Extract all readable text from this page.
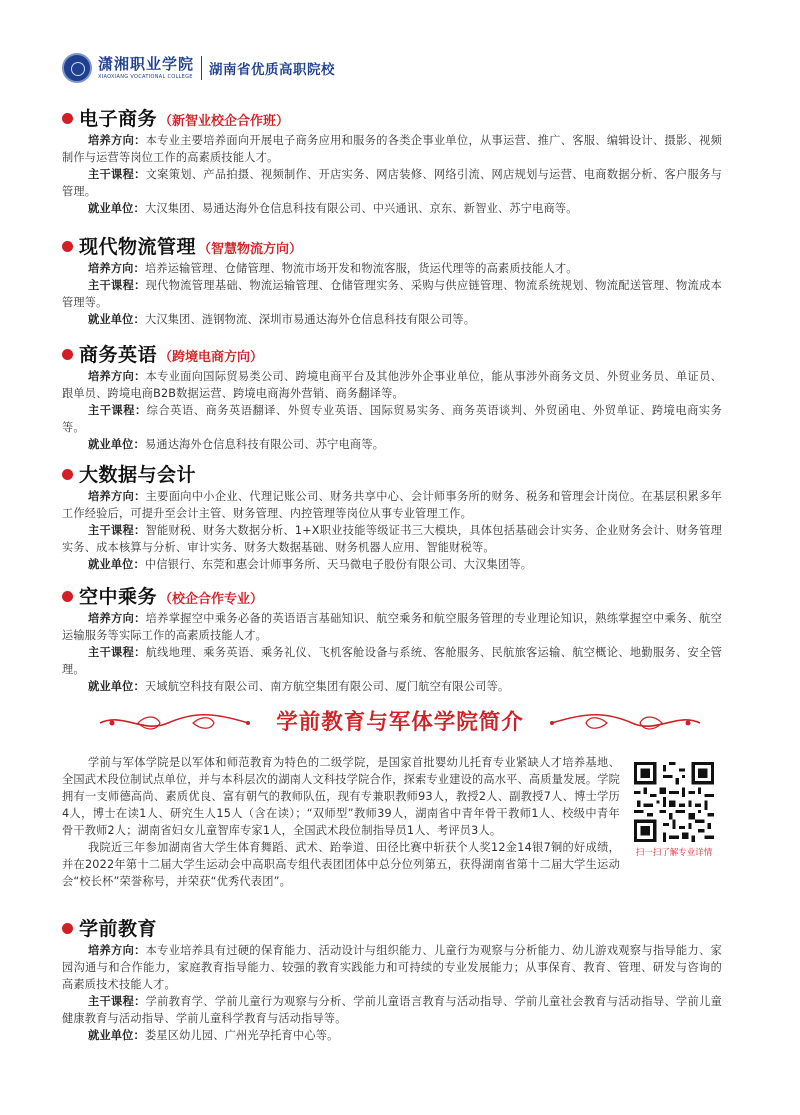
潇湘职业学院
XIAOXIANG VOCATIONAL COLLEGE 湖南省优质高职院校
电子商务 （新智业校企合作班）

培养方向：本专业主要培养面向开展电子商务应用和服务的各类企事业单位，从事运营、推广、客服、编辑设计、摄影、视频制作与运营等岗位工作的高素质技能人才。

主干课程：文案策划、产品拍摄、视频制作、开店实务、网店装修、网络引流、网店规划与运营、电商数据分析、客户服务与管理。

就业单位：大汉集团、易通达海外仓信息科技有限公司、中兴通讯、京东、新智业、苏宁电商等。

现代物流管理 （智慧物流方向）

培养方向：培养运输管理、仓储管理、物流市场开发和物流客服，货运代理等的高素质技能人才。

主干课程：现代物流管理基础、物流运输管理、仓储管理实务、采购与供应链管理、物流系统规划、物流配送管理、物流成本管理等。

就业单位：大汉集团、涟钢物流、深圳市易通达海外仓信息科技有限公司等。

商务英语 （跨境电商方向）

培养方向：本专业面向国际贸易类公司、跨境电商平台及其他涉外企事业单位，能从事涉外商务文员、外贸业务员、单证员、跟单员、跨境电商B2B数据运营、跨境电商海外营销、商务翻译等。

主干课程：综合英语、商务英语翻译、外贸专业英语、国际贸易实务、商务英语谈判、外贸函电、外贸单证、跨境电商实务等。

就业单位：易通达海外仓信息科技有限公司、苏宁电商等。

大数据与会计

培养方向：主要面向中小企业、代理记账公司、财务共享中心、会计师事务所的财务、税务和管理会计岗位。在基层积累多年工作经验后，可提升至会计主管、财务管理、内控管理等岗位从事专业管理工作。

主干课程：智能财税、财务大数据分析、1+X职业技能等级证书三大模块，具体包括基础会计实务、企业财务会计、财务管理实务、成本核算与分析、审计实务、财务大数据基础、财务机器人应用、智能财税等。

就业单位：中信银行、东莞和惠会计师事务所、天马微电子股份有限公司、大汉集团等。

空中乘务 （校企合作专业）

培养方向：培养掌握空中乘务必备的英语语言基础知识、航空乘务和航空服务管理的专业理论知识，熟练掌握空中乘务、航空运输服务等实际工作的高素质技能人才。

主干课程：航线地理、乘务英语、乘务礼仪、飞机客舱设备与系统、客舱服务、民航旅客运输、航空概论、地勤服务、安全管理。

就业单位：天域航空科技有限公司、南方航空集团有限公司、厦门航空有限公司等。

学前教育与军体学院简介

学前与军体学院是以军体和师范教育为特色的二级学院，是国家首批婴幼儿托育专业紧缺人才培养基地、全国武术段位制试点单位，并与本科层次的湖南人文科技学院合作，探索专业建设的高水平、高质量发展。学院拥有一支师德高尚、素质优良、富有朝气的教师队伍，现有专兼职教师93人，教授2人、副教授7人、博士学历4人，博士在读1人、研究生人15人（含在读）；“双师型”教师39人，湖南省中青年骨干教师1人、校级中青年骨干教师2人；湖南省妇女儿童智库专家1人，全国武术段位制指导员1人、考评员3人。

我院近三年参加湖南省大学生体育舞蹈、武术、跆拳道、田径比赛中斩获个人奖12金14银7铜的好成绩，并在2022年第十二届大学生运动会中高职高专组代表团团体中总分位列第五，获得湖南省第十二届大学生运动会“校长杯”荣誉称号，并荣获“优秀代表团”。

扫一扫了解专业详情
学前教育

培养方向：本专业培养具有过硬的保育能力、活动设计与组织能力、儿童行为观察与分析能力、幼儿游戏观察与指导能力、家园沟通与和合作能力，家庭教育指导能力、较强的教育实践能力和可持续的专业发展能力；从事保育、教育、管理、研发与咨询的高素质技术技能人才。

主干课程：学前教育学、学前儿童行为观察与分析、学前儿童语言教育与活动指导、学前儿童社会教育与活动指导、学前儿童健康教育与活动指导、学前儿童科学教育与活动指导等。

就业单位：娄星区幼儿园、广州光孕托育中心等。
